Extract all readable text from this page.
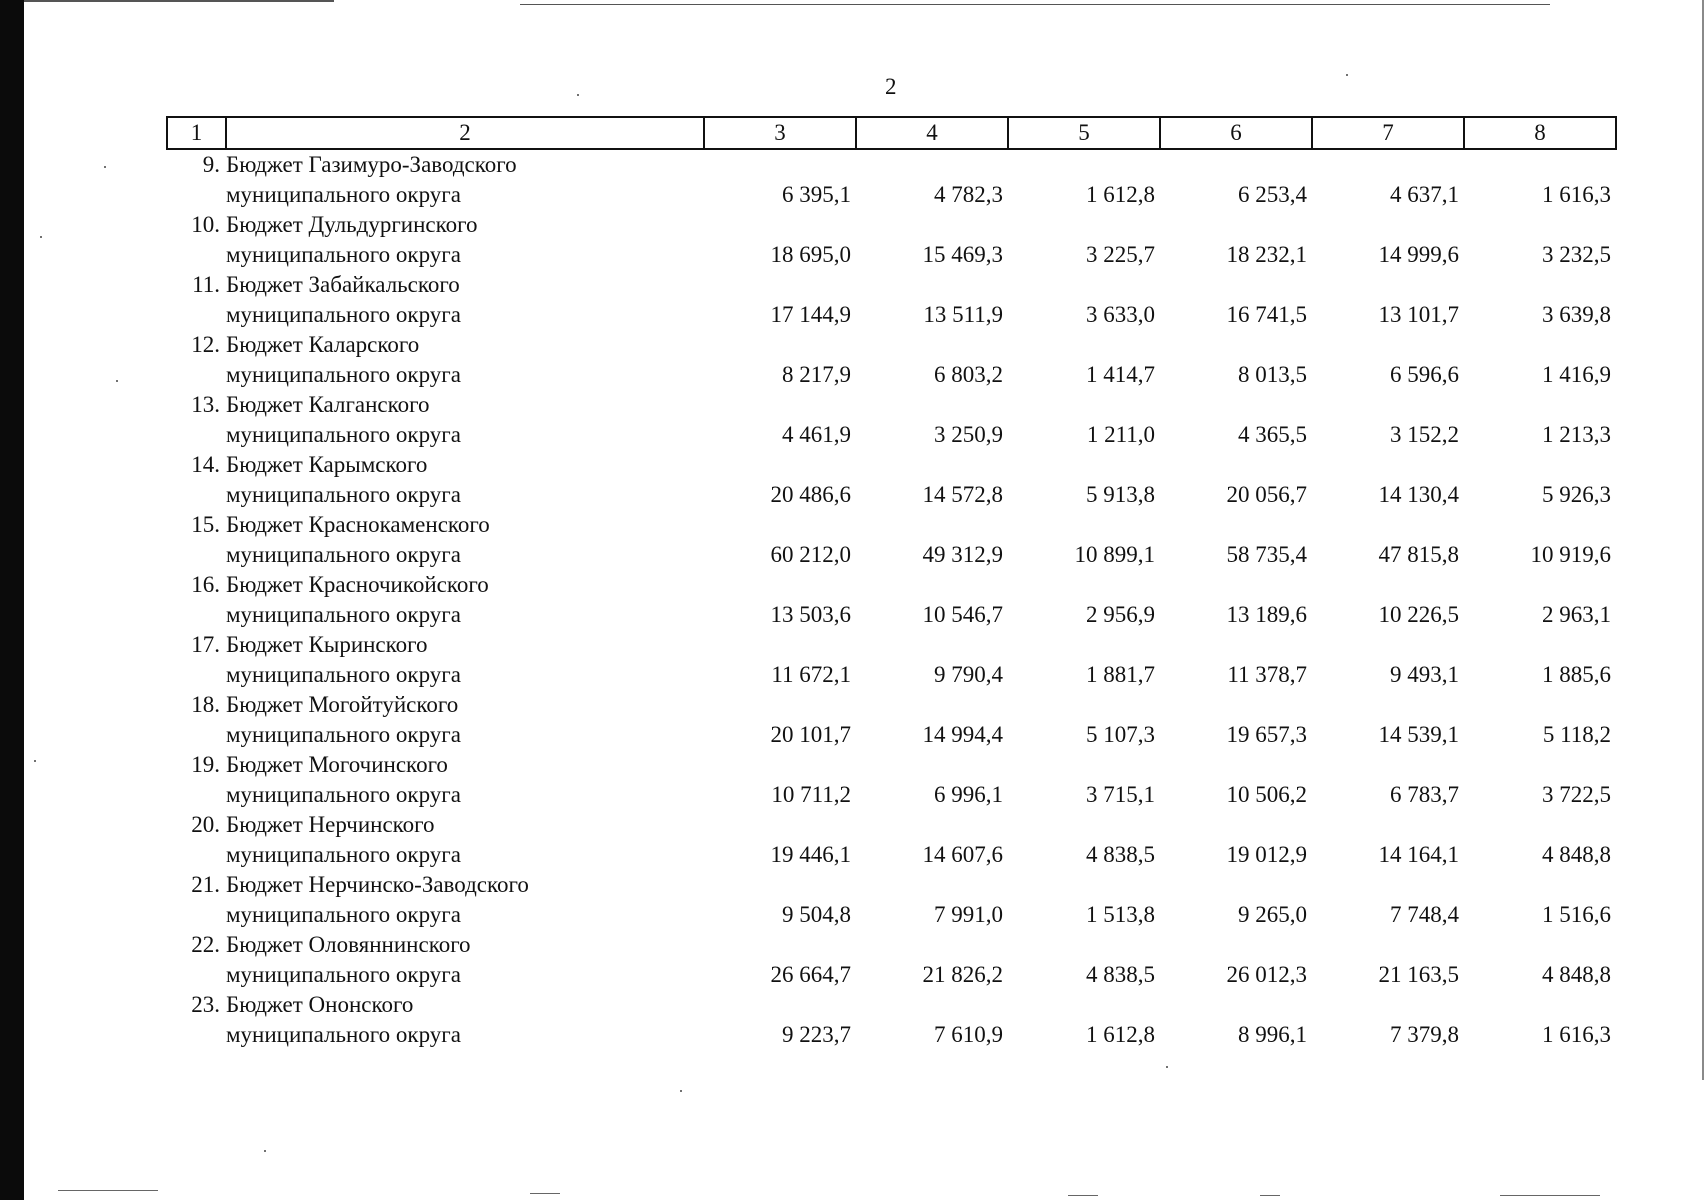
2
1	2	3	4	5	6	7	8
9.	Бюджет Газимуро-Заводского
муниципального округа	6 395,1	4 782,3	1 612,8	6 253,4	4 637,1	1 616,3
10.	Бюджет Дульдургинского
муниципального округа	18 695,0	15 469,3	3 225,7	18 232,1	14 999,6	3 232,5
11.	Бюджет Забайкальского
муниципального округа	17 144,9	13 511,9	3 633,0	16 741,5	13 101,7	3 639,8
12.	Бюджет Каларского
муниципального округа	8 217,9	6 803,2	1 414,7	8 013,5	6 596,6	1 416,9
13.	Бюджет Калганского
муниципального округа	4 461,9	3 250,9	1 211,0	4 365,5	3 152,2	1 213,3
14.	Бюджет Карымского
муниципального округа	20 486,6	14 572,8	5 913,8	20 056,7	14 130,4	5 926,3
15.	Бюджет Краснокаменского
муниципального округа	60 212,0	49 312,9	10 899,1	58 735,4	47 815,8	10 919,6
16.	Бюджет Красночикойского
муниципального округа	13 503,6	10 546,7	2 956,9	13 189,6	10 226,5	2 963,1
17.	Бюджет Кыринского
муниципального округа	11 672,1	9 790,4	1 881,7	11 378,7	9 493,1	1 885,6
18.	Бюджет Могойтуйского
муниципального округа	20 101,7	14 994,4	5 107,3	19 657,3	14 539,1	5 118,2
19.	Бюджет Могочинского
муниципального округа	10 711,2	6 996,1	3 715,1	10 506,2	6 783,7	3 722,5
20.	Бюджет Нерчинского
муниципального округа	19 446,1	14 607,6	4 838,5	19 012,9	14 164,1	4 848,8
21.	Бюджет Нерчинско-Заводского
муниципального округа	9 504,8	7 991,0	1 513,8	9 265,0	7 748,4	1 516,6
22.	Бюджет Оловяннинского
муниципального округа	26 664,7	21 826,2	4 838,5	26 012,3	21 163,5	4 848,8
23.	Бюджет Ононского
муниципального округа	9 223,7	7 610,9	1 612,8	8 996,1	7 379,8	1 616,3
